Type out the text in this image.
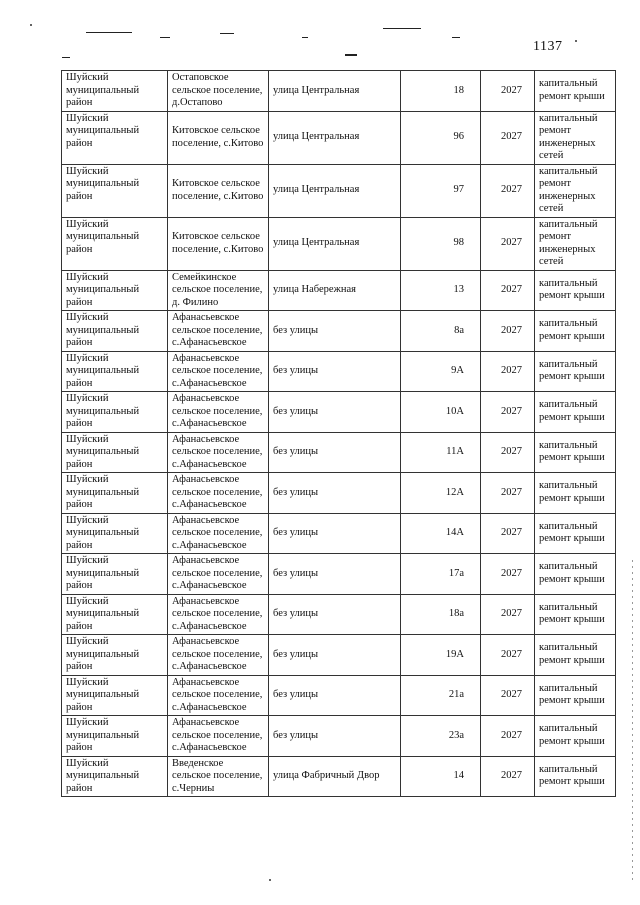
1137
Шуйский муниципальный район	Остаповское сельское поселение, д.Остапово	улица Центральная	18	2027	капитальный ремонт крыши
Шуйский муниципальный район	Китовское сельское поселение, с.Китово	улица Центральная	96	2027	капитальный ремонт инженерных сетей
Шуйский муниципальный район	Китовское сельское поселение, с.Китово	улица Центральная	97	2027	капитальный ремонт инженерных сетей
Шуйский муниципальный район	Китовское сельское поселение, с.Китово	улица Центральная	98	2027	капитальный ремонт инженерных сетей
Шуйский муниципальный район	Семейкинское сельское поселение, д. Филино	улица Набережная	13	2027	капитальный ремонт крыши
Шуйский муниципальный район	Афанасьевское сельское поселение, с.Афанасьевское	без улицы	8а	2027	капитальный ремонт крыши
Шуйский муниципальный район	Афанасьевское сельское поселение, с.Афанасьевское	без улицы	9А	2027	капитальный ремонт крыши
Шуйский муниципальный район	Афанасьевское сельское поселение, с.Афанасьевское	без улицы	10А	2027	капитальный ремонт крыши
Шуйский муниципальный район	Афанасьевское сельское поселение, с.Афанасьевское	без улицы	11А	2027	капитальный ремонт крыши
Шуйский муниципальный район	Афанасьевское сельское поселение, с.Афанасьевское	без улицы	12А	2027	капитальный ремонт крыши
Шуйский муниципальный район	Афанасьевское сельское поселение, с.Афанасьевское	без улицы	14А	2027	капитальный ремонт крыши
Шуйский муниципальный район	Афанасьевское сельское поселение, с.Афанасьевское	без улицы	17а	2027	капитальный ремонт крыши
Шуйский муниципальный район	Афанасьевское сельское поселение, с.Афанасьевское	без улицы	18а	2027	капитальный ремонт крыши
Шуйский муниципальный район	Афанасьевское сельское поселение, с.Афанасьевское	без улицы	19А	2027	капитальный ремонт крыши
Шуйский муниципальный район	Афанасьевское сельское поселение, с.Афанасьевское	без улицы	21а	2027	капитальный ремонт крыши
Шуйский муниципальный район	Афанасьевское сельское поселение, с.Афанасьевское	без улицы	23а	2027	капитальный ремонт крыши
Шуйский муниципальный район	Введенское сельское поселение, с.Черниы	улица Фабричный Двор	14	2027	капитальный ремонт крыши
